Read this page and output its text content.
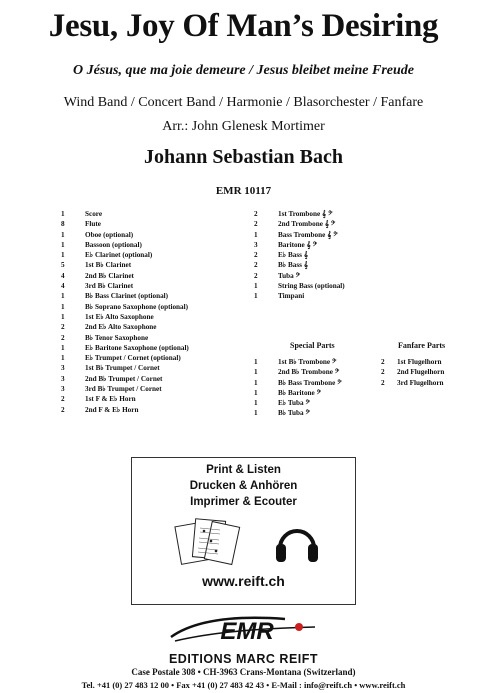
Jesu, Joy Of Man’s Desiring
O Jésus, que ma joie demeure / Jesus bleibet meine Freude
Wind Band / Concert Band / Harmonie / Blasorchester / Fanfare
Arr.: John Glenesk Mortimer
Johann Sebastian Bach
EMR 10117
1	Score
8	Flute
1	Oboe (optional)
1	Bassoon (optional)
1	E♭ Clarinet (optional)
5	1st B♭ Clarinet
4	2nd B♭ Clarinet
4	3rd B♭ Clarinet
1	B♭ Bass Clarinet (optional)
1	B♭ Soprano Saxophone (optional)
1	1st E♭ Alto Saxophone
2	2nd E♭ Alto Saxophone
2	B♭ Tenor Saxophone
1	E♭ Baritone Saxophone (optional)
1	E♭ Trumpet / Cornet (optional)
3	1st B♭ Trumpet / Cornet
3	2nd B♭ Trumpet / Cornet
3	3rd B♭ Trumpet / Cornet
2	1st F & E♭ Horn
2	2nd F & E♭ Horn
2	1st Trombone 𝄞 𝄢
2	2nd Trombone 𝄞 𝄢
1	Bass Trombone 𝄞 𝄢
3	Baritone 𝄞 𝄢
2	E♭ Bass 𝄞
2	B♭ Bass 𝄞
2	Tuba 𝄢
1	String Bass (optional)
1	Timpani
Special Parts
1	1st B♭ Trombone 𝄢
1	2nd B♭ Trombone 𝄢
1	B♭ Bass Trombone 𝄢
1	B♭ Baritone 𝄢
1	E♭ Tuba 𝄢
1	B♭ Tuba 𝄢
Fanfare Parts
2	1st Flugelhorn
2	2nd Flugelhorn
2	3rd Flugelhorn
Print & Listen
Drucken & Anhören
Imprimer & Ecouter
www.reift.ch
EMR
EDITIONS MARC REIFT
Case Postale 308 • CH-3963 Crans-Montana (Switzerland)
Tel. +41 (0) 27 483 12 00 • Fax +41 (0) 27 483 42 43 • E-Mail : info@reift.ch • www.reift.ch
